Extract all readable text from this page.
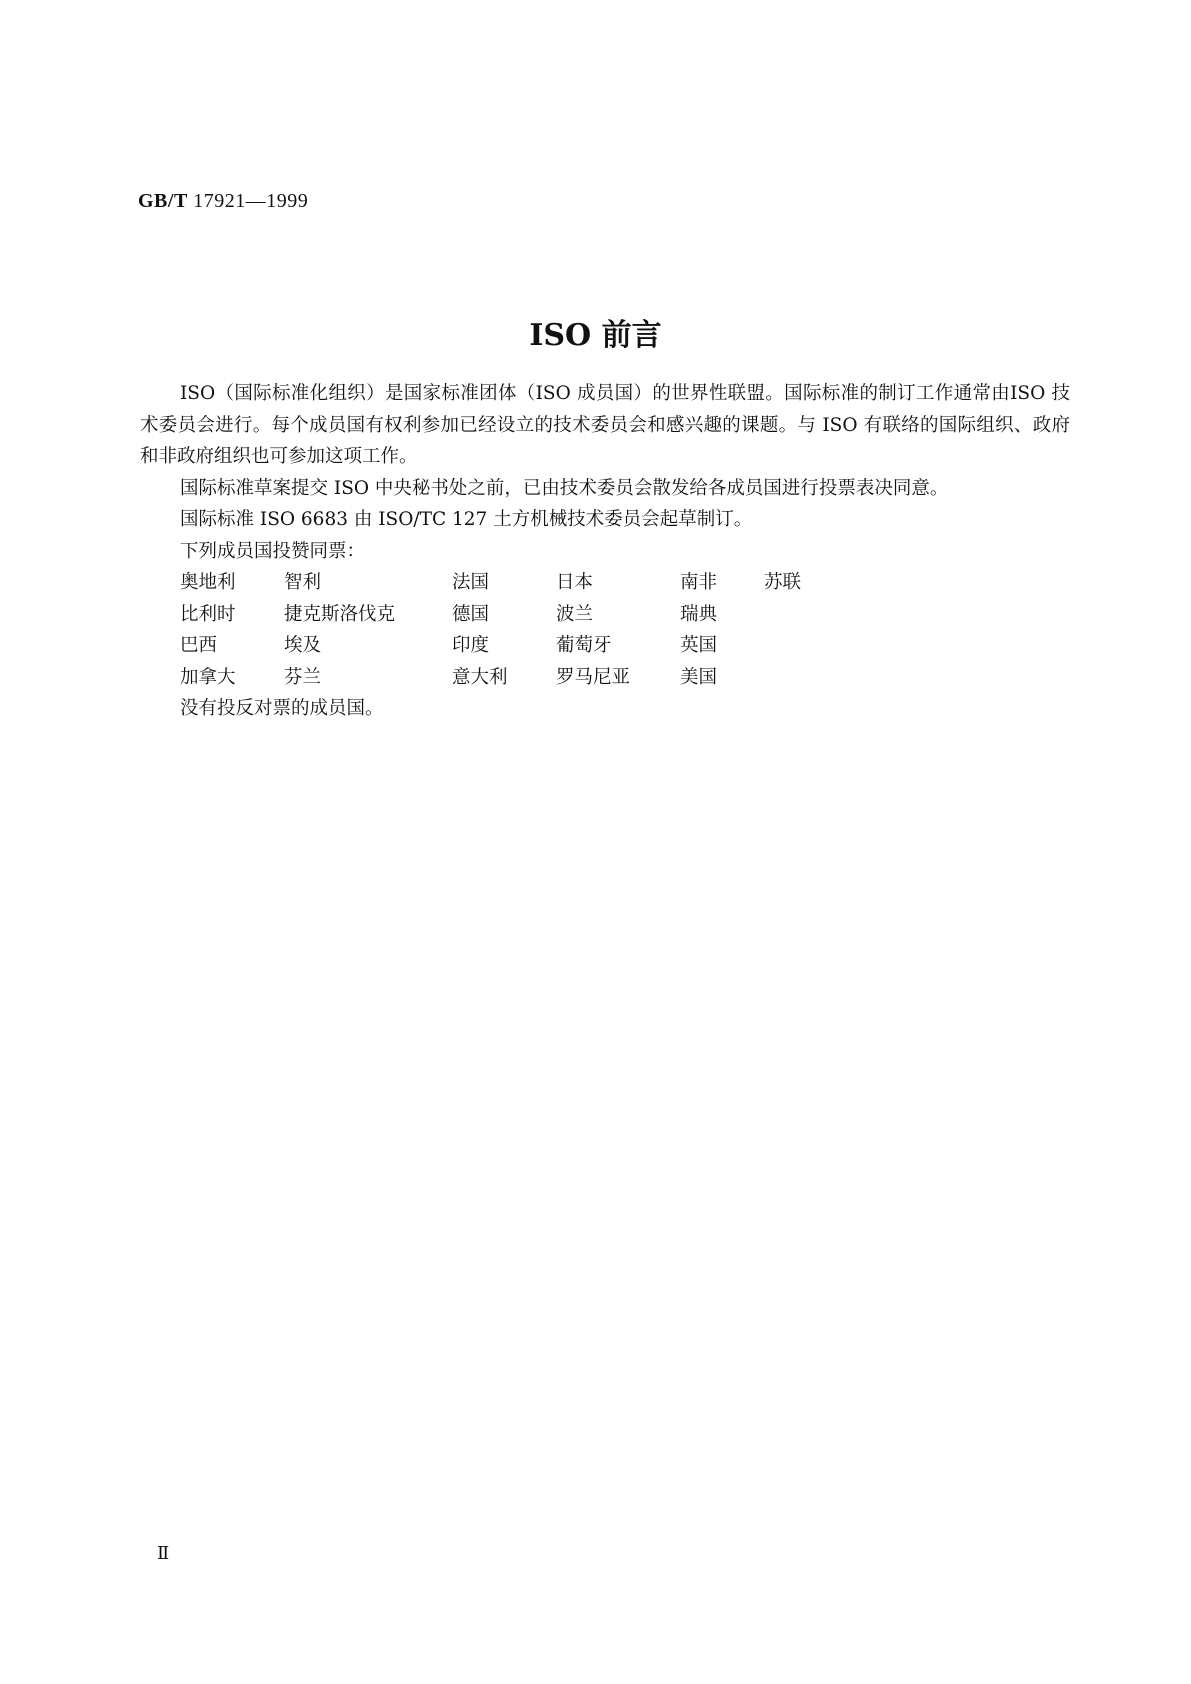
GB/T 17921—1999
ISO 前言

ISO（国际标准化组织）是国家标准团体（ISO 成员国）的世界性联盟。国际标准的制订工作通常由ISO 技术委员会进行。每个成员国有权利参加已经设立的技术委员会和感兴趣的课题。与 ISO 有联络的国际组织、政府和非政府组织也可参加这项工作。

国际标准草案提交 ISO 中央秘书处之前，已由技术委员会散发给各成员国进行投票表决同意。

国际标准 ISO 6683 由 ISO/TC 127 土方机械技术委员会起草制订。

下列成员国投赞同票：

奥地利	智利	法国	日本	南非	苏联
比利时	捷克斯洛伐克	德国	波兰	瑞典
巴西	埃及	印度	葡萄牙	英国
加拿大	芬兰	意大利	罗马尼亚	美国

没有投反对票的成员国。

Ⅱ
